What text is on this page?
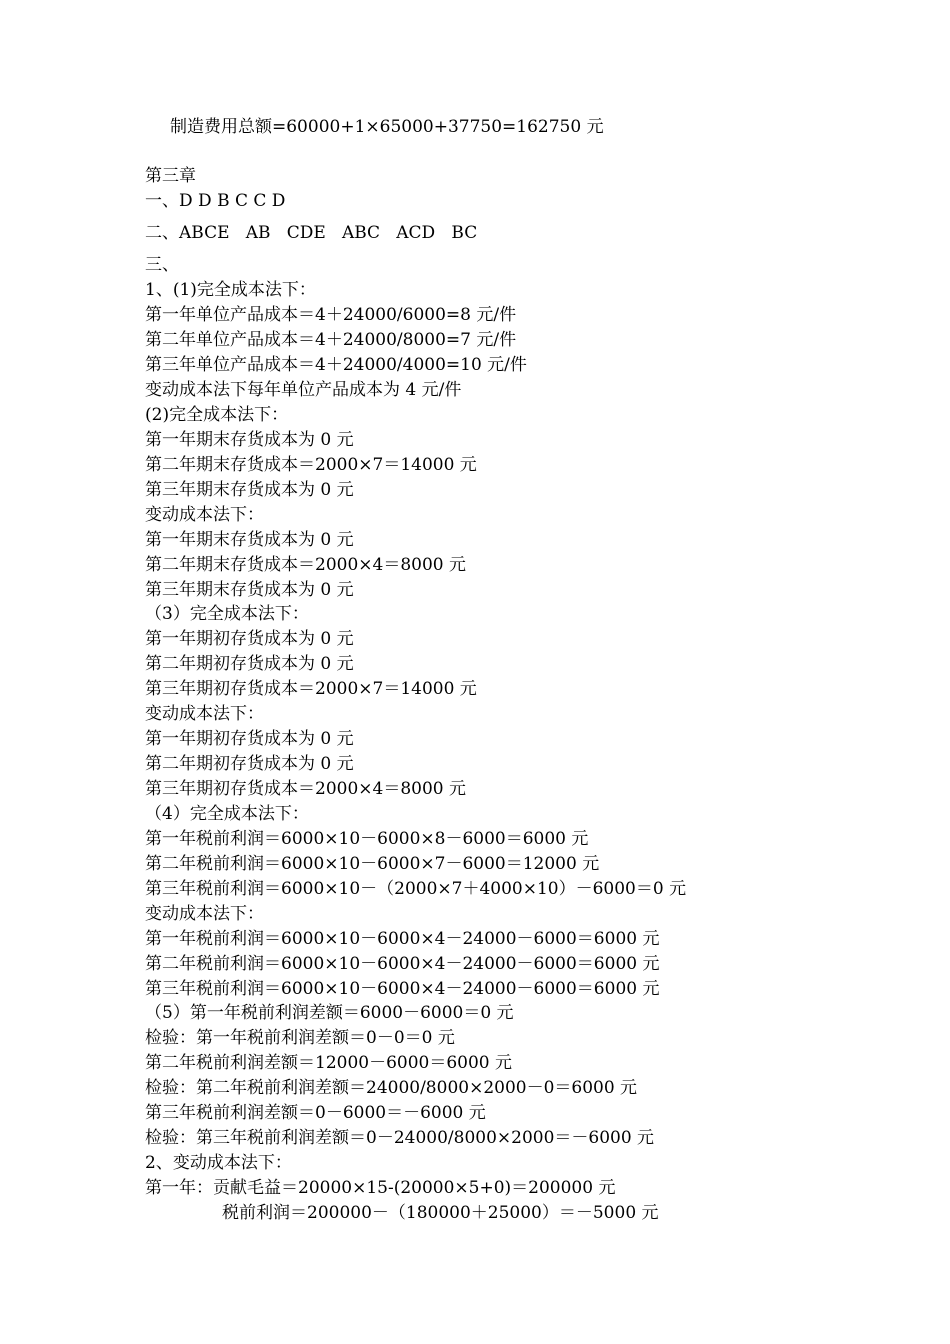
制造费用总额=60000+1×65000+37750=162750 元
第三章
一、D D B C C D
二、ABCE   AB   CDE   ABC   ACD   BC
三、
1、(1)完全成本法下：
第一年单位产品成本＝4＋24000/6000=8 元/件
第二年单位产品成本＝4＋24000/8000=7 元/件
第三年单位产品成本＝4＋24000/4000=10 元/件
变动成本法下每年单位产品成本为 4 元/件
(2)完全成本法下：
第一年期末存货成本为 0 元
第二年期末存货成本＝2000×7＝14000 元
第三年期末存货成本为 0 元
变动成本法下：
第一年期末存货成本为 0 元
第二年期末存货成本＝2000×4＝8000 元
第三年期末存货成本为 0 元
（3）完全成本法下：
第一年期初存货成本为 0 元
第二年期初存货成本为 0 元
第三年期初存货成本＝2000×7＝14000 元
变动成本法下：
第一年期初存货成本为 0 元
第二年期初存货成本为 0 元
第三年期初存货成本＝2000×4＝8000 元
（4）完全成本法下：
第一年税前利润＝6000×10－6000×8－6000＝6000 元
第二年税前利润＝6000×10－6000×7－6000＝12000 元
第三年税前利润＝6000×10－（2000×7＋4000×10）－6000＝0 元
变动成本法下：
第一年税前利润＝6000×10－6000×4－24000－6000＝6000 元
第二年税前利润＝6000×10－6000×4－24000－6000＝6000 元
第三年税前利润＝6000×10－6000×4－24000－6000＝6000 元
（5）第一年税前利润差额＝6000－6000＝0 元
检验：第一年税前利润差额＝0－0＝0 元
第二年税前利润差额＝12000－6000＝6000 元
检验：第二年税前利润差额＝24000/8000×2000－0＝6000 元
第三年税前利润差额＝0－6000＝－6000 元
检验：第三年税前利润差额＝0－24000/8000×2000＝－6000 元
2、变动成本法下：
第一年：贡献毛益＝20000×15-(20000×5+0)＝200000 元
税前利润＝200000－（180000＋25000）＝－5000 元
